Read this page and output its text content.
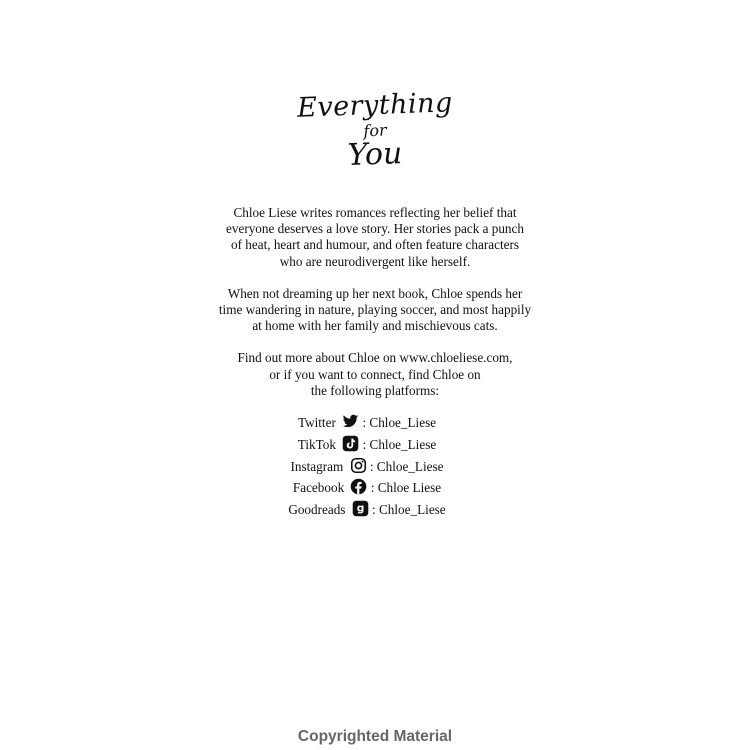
Everything
for
You

Chloe Liese writes romances reflecting her belief that
everyone deserves a love story. Her stories pack a punch
of heat, heart and humour, and often feature characters
who are neurodivergent like herself.

When not dreaming up her next book, Chloe spends her
time wandering in nature, playing soccer, and most happily
at home with her family and mischievous cats.

Find out more about Chloe on www.chloeliese.com,
or if you want to connect, find Chloe on
the following platforms:

Twitter : Chloe_Liese
TikTok : Chloe_Liese
Instagram : Chloe_Liese
Facebook : Chloe Liese
Goodreads g : Chloe_Liese
Copyrighted Material
